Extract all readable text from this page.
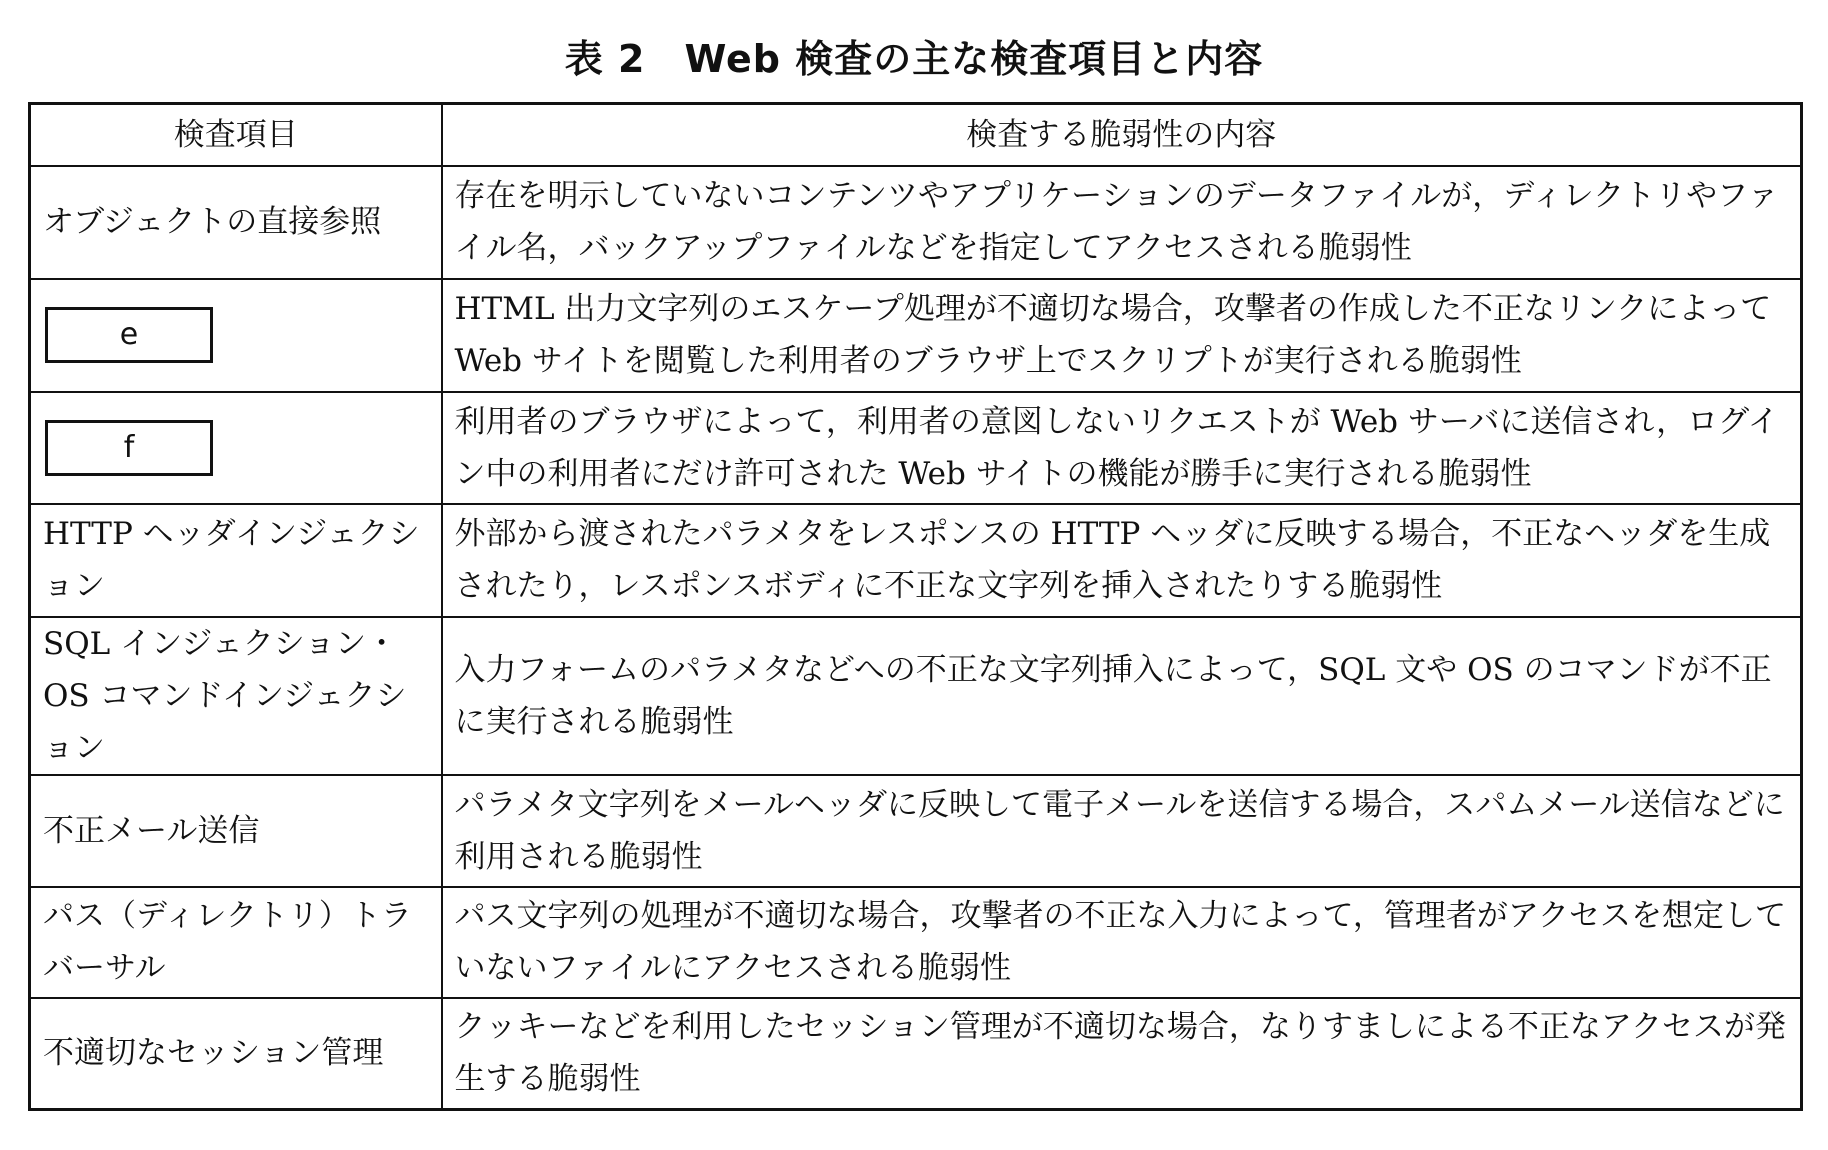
表 2　Web 検査の主な検査項目と内容
検査項目	検査する脆弱性の内容
オブジェクトの直接参照	存在を明示していないコンテンツやアプリケーションのデータファイルが，ディレクトリやファイル名，バックアップファイルなどを指定してアクセスされる脆弱性

e	HTML 出力文字列のエスケープ処理が不適切な場合，攻撃者の作成した不正なリンクによって Web サイトを閲覧した利用者のブラウザ上でスクリプトが実行される脆弱性

f	利用者のブラウザによって，利用者の意図しないリクエストが Web サーバに送信され，ログイン中の利用者にだけ許可された Web サイトの機能が勝手に実行される脆弱性
HTTP ヘッダインジェクション	外部から渡されたパラメタをレスポンスの HTTP ヘッダに反映する場合，不正なヘッダを生成されたり，レスポンスボディに不正な文字列を挿入されたりする脆弱性
SQL インジェクション・OS コマンドインジェクション	入力フォームのパラメタなどへの不正な文字列挿入によって，SQL 文や OS のコマンドが不正に実行される脆弱性
不正メール送信	パラメタ文字列をメールヘッダに反映して電子メールを送信する場合，スパムメール送信などに利用される脆弱性
パス（ディレクトリ）トラバーサル	パス文字列の処理が不適切な場合，攻撃者の不正な入力によって，管理者がアクセスを想定していないファイルにアクセスされる脆弱性
不適切なセッション管理	クッキーなどを利用したセッション管理が不適切な場合，なりすましによる不正なアクセスが発生する脆弱性
